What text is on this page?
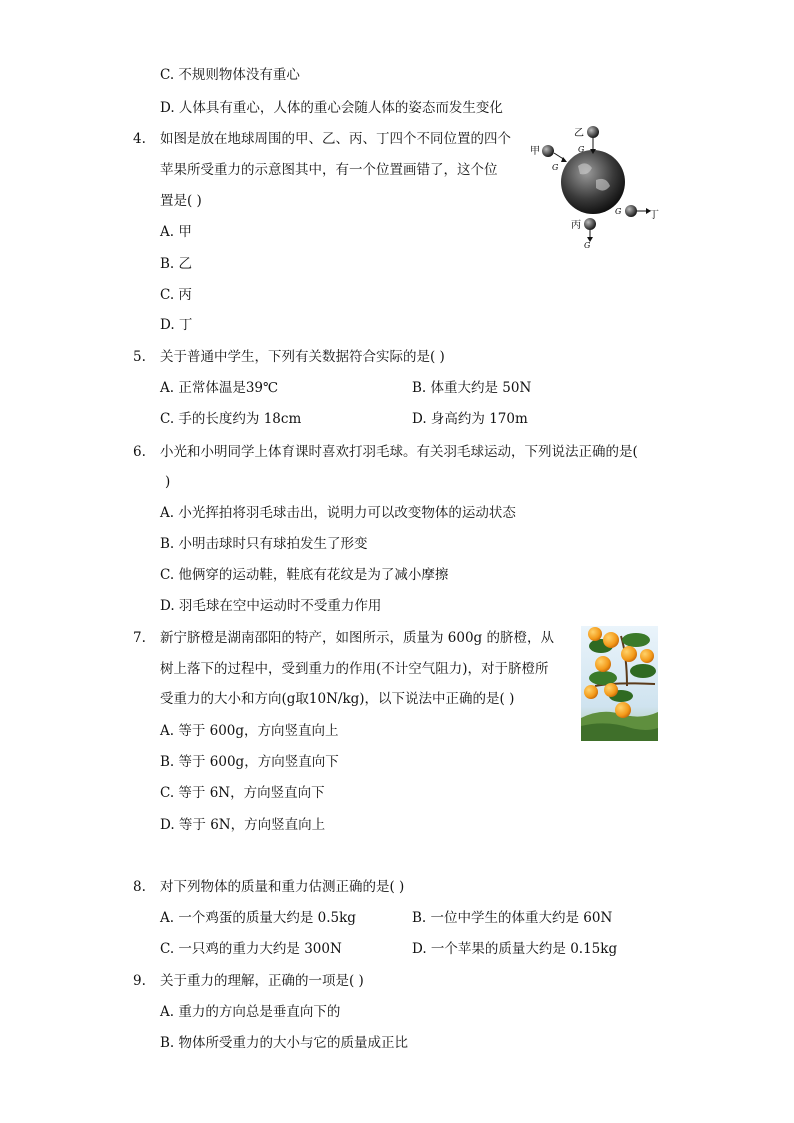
C. 不规则物体没有重心
D. 人体具有重心，人体的重心会随人体的姿态而发生变化
4. 如图是放在地球周围的甲、乙、丙、丁四个不同位置的四个
苹果所受重力的示意图其中，有一个位置画错了，这个位
置是( )
A. 甲
B. 乙
C. 丙
D. 丁
乙
G
甲
G
丙
G
丁
G
5. 关于普通中学生，下列有关数据符合实际的是( )
A. 正常体温是39℃	B. 体重大约是 50N
C. 手的长度约为 18cm	D. 身高约为 170m
6. 小光和小明同学上体育课时喜欢打羽毛球。有关羽毛球运动，下列说法正确的是(
)
A. 小光挥拍将羽毛球击出，说明力可以改变物体的运动状态
B. 小明击球时只有球拍发生了形变
C. 他俩穿的运动鞋，鞋底有花纹是为了减小摩擦
D. 羽毛球在空中运动时不受重力作用
7. 新宁脐橙是湖南邵阳的特产，如图所示，质量为 600g 的脐橙，从
树上落下的过程中，受到重力的作用(不计空气阻力)，对于脐橙所
受重力的大小和方向(g取10N/kg)，以下说法中正确的是( )
A. 等于 600g，方向竖直向上
B. 等于 600g，方向竖直向下
C. 等于 6N，方向竖直向下
D. 等于 6N，方向竖直向上
8. 对下列物体的质量和重力估测正确的是( )
A. 一个鸡蛋的质量大约是 0.5kg	B. 一位中学生的体重大约是 60N
C. 一只鸡的重力大约是 300N	D. 一个苹果的质量大约是 0.15kg
9. 关于重力的理解，正确的一项是( )
A. 重力的方向总是垂直向下的
B. 物体所受重力的大小与它的质量成正比
